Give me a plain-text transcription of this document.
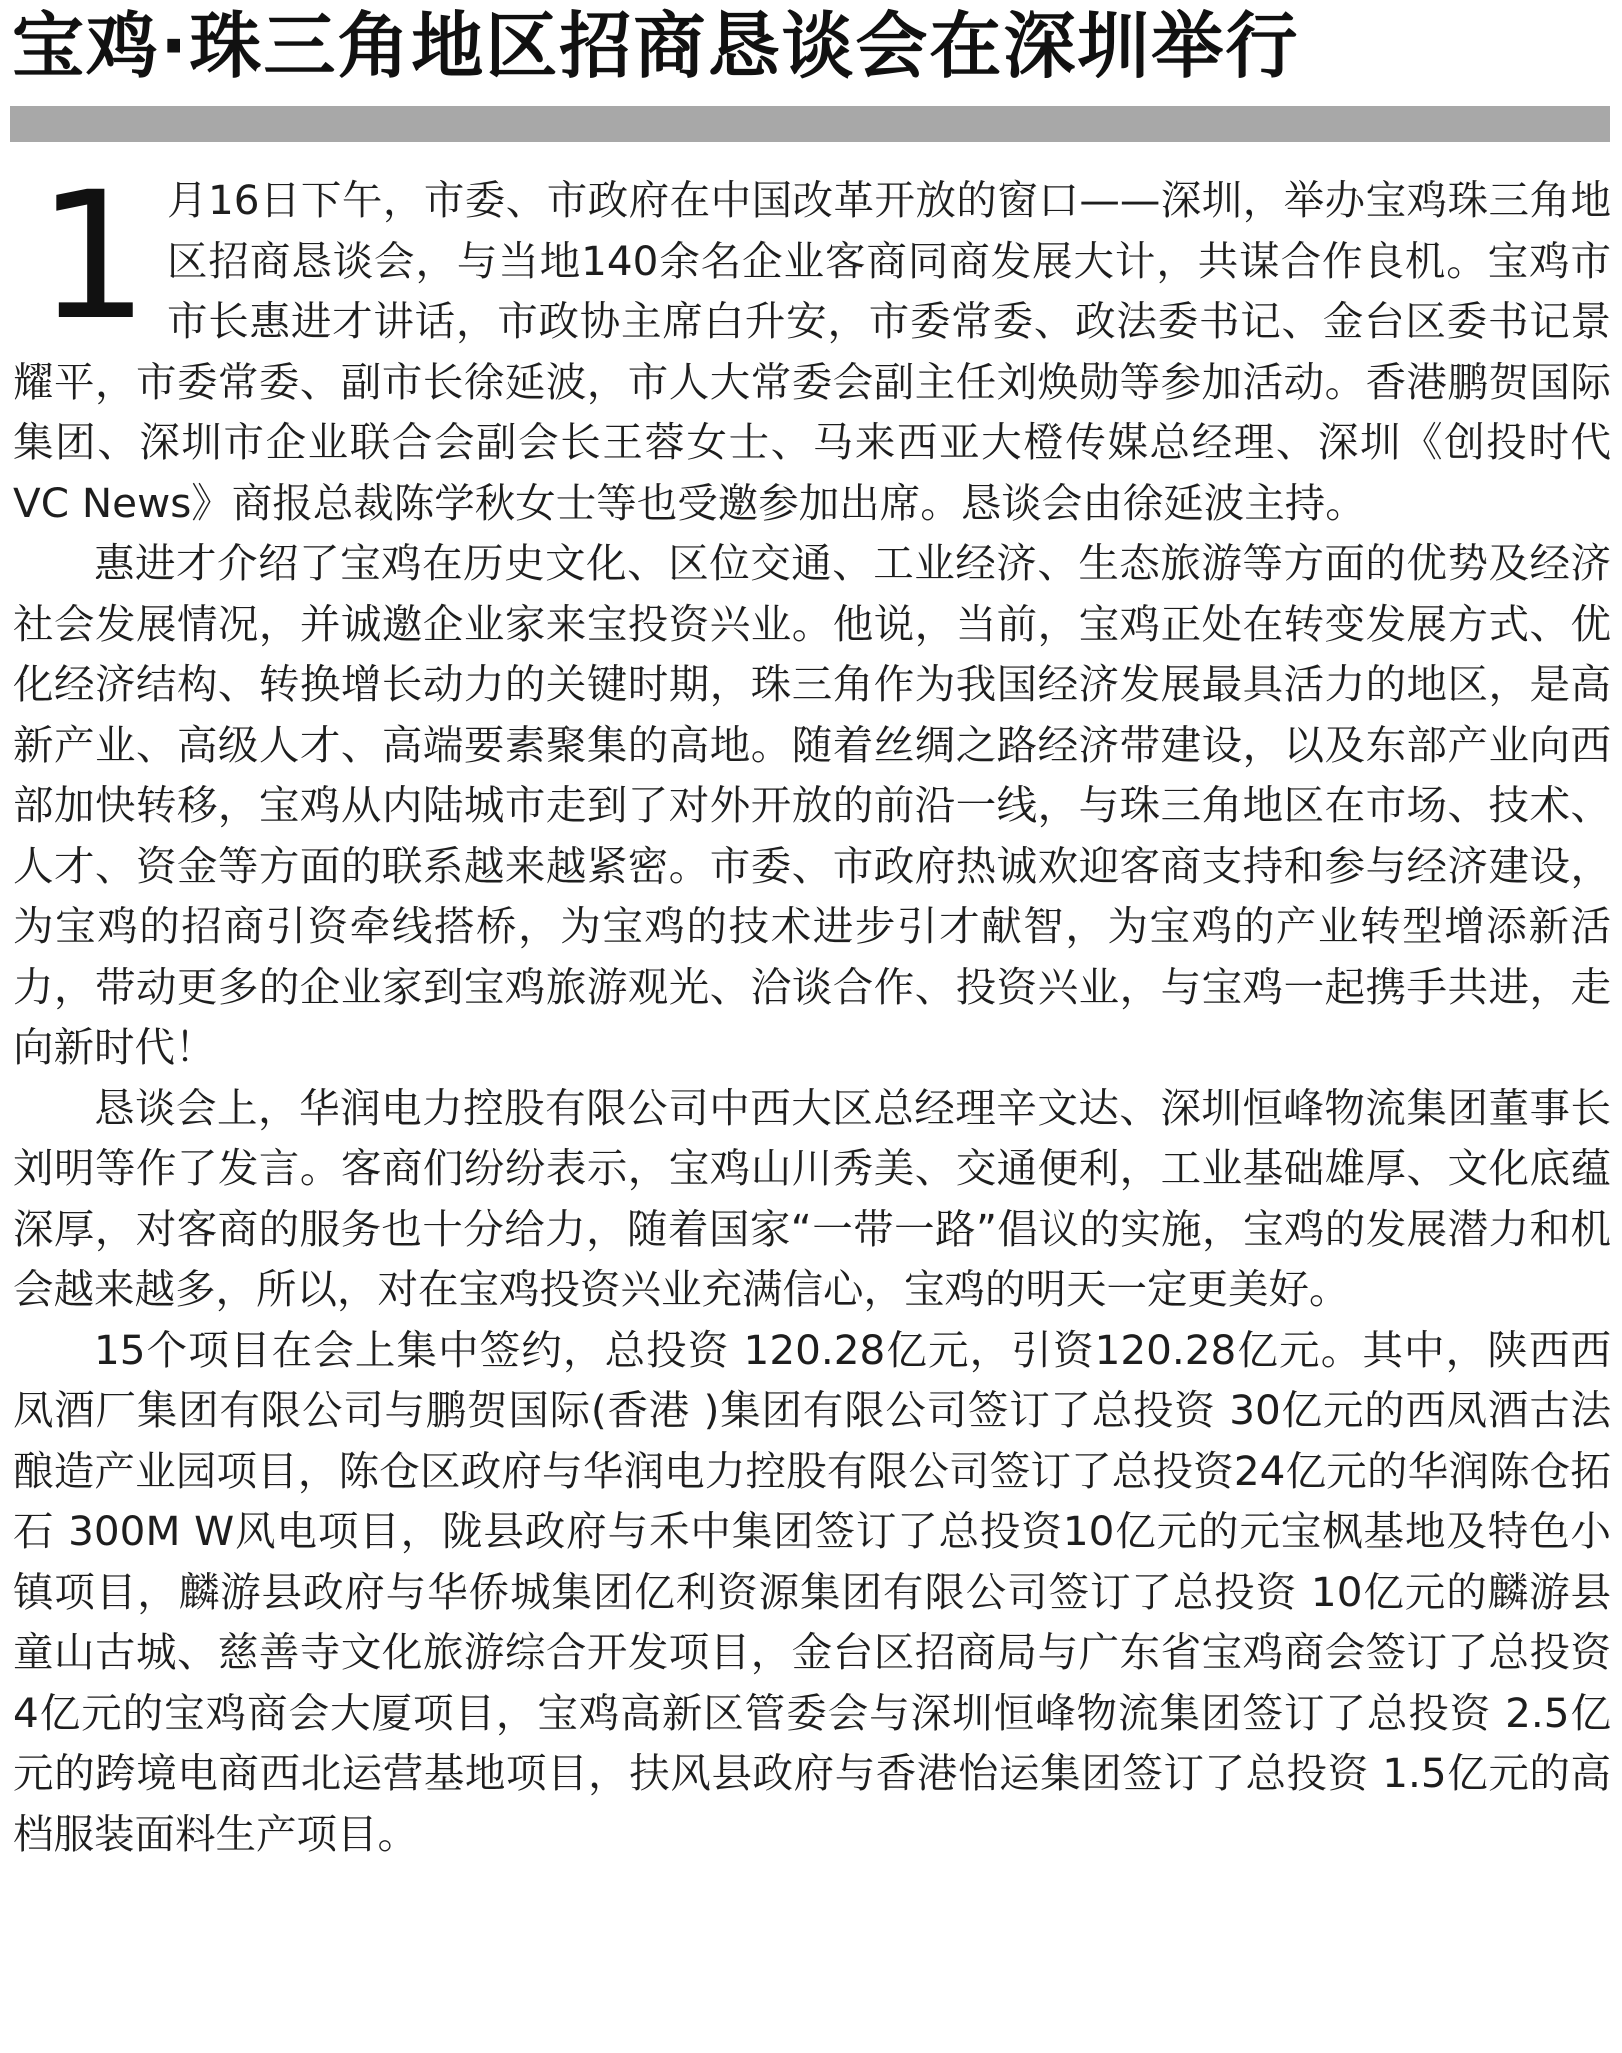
宝鸡·珠三角地区招商恳谈会在深圳举行
1 月16日下午，市委、市政府在中国改革开放的窗口——深圳，举办宝鸡珠三角地区招商恳谈会，与当地140余名企业客商同商发展大计，共谋合作良机。宝鸡市市长惠进才讲话，市政协主席白升安，市委常委、政法委书记、金台区委书记景耀平，市委常委、副市长徐延波，市人大常委会副主任刘焕勋等参加活动。香港鹏贺国际集团、深圳市企业联合会副会长王蓉女士、马来西亚大橙传媒总经理、深圳《创投时代 VC News》商报总裁陈学秋女士等也受邀参加出席。恳谈会由徐延波主持。

惠进才介绍了宝鸡在历史文化、区位交通、工业经济、生态旅游等方面的优势及经济社会发展情况，并诚邀企业家来宝投资兴业。他说，当前，宝鸡正处在转变发展方式、优化经济结构、转换增长动力的关键时期，珠三角作为我国经济发展最具活力的地区，是高新产业、高级人才、高端要素聚集的高地。随着丝绸之路经济带建设，以及东部产业向西部加快转移，宝鸡从内陆城市走到了对外开放的前沿一线，与珠三角地区在市场、技术、人才、资金等方面的联系越来越紧密。市委、市政府热诚欢迎客商支持和参与经济建设，为宝鸡的招商引资牵线搭桥，为宝鸡的技术进步引才献智，为宝鸡的产业转型增添新活力，带动更多的企业家到宝鸡旅游观光、洽谈合作、投资兴业，与宝鸡一起携手共进，走向新时代！

恳谈会上，华润电力控股有限公司中西大区总经理辛文达、深圳恒峰物流集团董事长刘明等作了发言。客商们纷纷表示，宝鸡山川秀美、交通便利，工业基础雄厚、文化底蕴深厚，对客商的服务也十分给力，随着国家“一带一路”倡议的实施，宝鸡的发展潜力和机会越来越多，所以，对在宝鸡投资兴业充满信心，宝鸡的明天一定更美好。

15个项目在会上集中签约，总投资 120.28亿元，引资120.28亿元。其中，陕西西凤酒厂集团有限公司与鹏贺国际(香港 )集团有限公司签订了总投资 30亿元的西凤酒古法酿造产业园项目，陈仓区政府与华润电力控股有限公司签订了总投资24亿元的华润陈仓拓石 300M W风电项目，陇县政府与禾中集团签订了总投资10亿元的元宝枫基地及特色小镇项目，麟游县政府与华侨城集团亿利资源集团有限公司签订了总投资 10亿元的麟游县童山古城、慈善寺文化旅游综合开发项目，金台区招商局与广东省宝鸡商会签订了总投资 4亿元的宝鸡商会大厦项目，宝鸡高新区管委会与深圳恒峰物流集团签订了总投资 2.5亿元的跨境电商西北运营基地项目，扶风县政府与香港怡运集团签订了总投资 1.5亿元的高档服装面料生产项目。
